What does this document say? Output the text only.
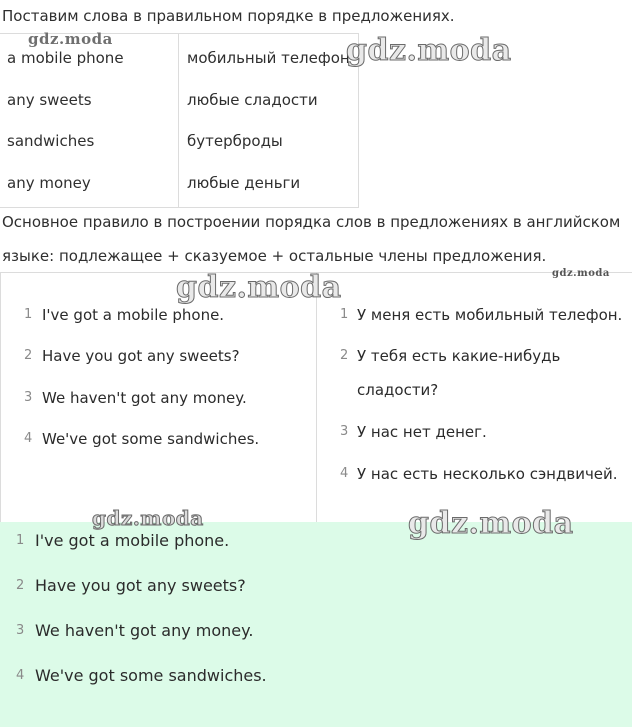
Поставим слова в правильном порядке в предложениях.
a mobile phone	мобильный телефон
any sweets	любые сладости
sandwiches	бутерброды
any money	любые деньги
Основное правило в построении порядка слов в предложениях в английском
языке: подлежащее + сказуемое + остальные члены предложения.
1 I've got a mobile phone.
2 Have you got any sweets?
3 We haven't got any money.
4 We've got some sandwiches.
1 У меня есть мобильный телефон.
2 У тебя есть какие-нибудь
сладости?
3 У нас нет денег.
4 У нас есть несколько сэндвичей.
1 I've got a mobile phone.
2 Have you got any sweets?
3 We haven't got any money.
4 We've got some sandwiches.
gdz.moda	gdz.moda
gdz.moda
gdz.moda
gdz.moda	gdz.moda
